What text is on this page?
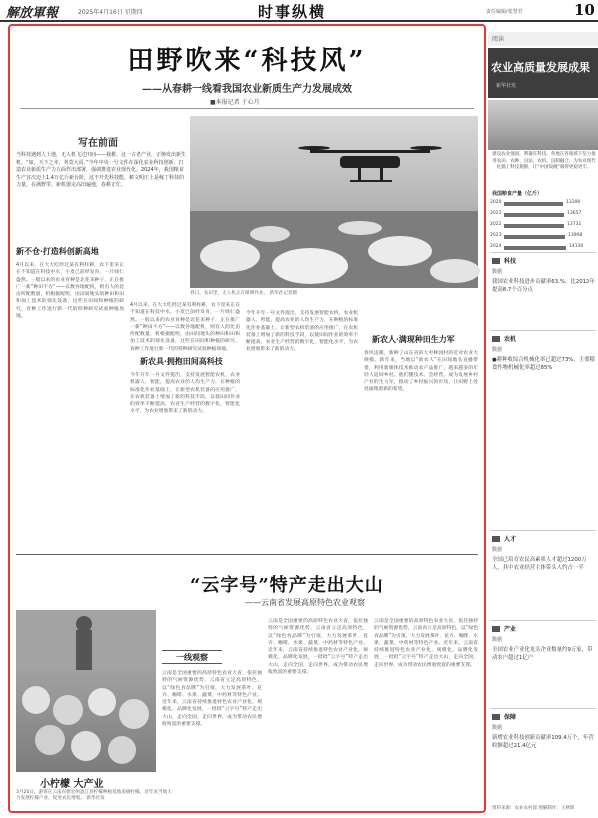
解放軍報	2025年4月16日 星期四	时事纵横	责任编辑/张慧君	10
田野吹来“科技风”
——从春耕一线看我国农业新质生产力发展成效
■本报记者 于心月
写在前面
当科技遇到人土地，无人机飞过田间——我耕、这一古老产业，正焕发出新生机。“如，天下之本，务莫大焉。”今年中央一号文件在深化农业科技创新、打造农业新质生产力方面作出部署，强调推进农业现代化。2024年，我国粮食生产首次迈上1.4万亿斤新台阶，这不开先科技能、耕文明庄上是稼丁科技的力量。在满野里、新机器走高田遍地，春耕正忙。
春日，农田里，无人机正在喷洒作业。 新华社记者摄
新不仓·打造科创新高地
4月以来，在大大吃经过某有利样耕，农下里来正在不知道在科技中水，小麦已前经发育，一片绿仁盎然。一般以来的农业育种是北花来种子，正在推广一新“种田不方”——以数谷地配机，则有人的比亩所配数量，机根据配组，由田间地头的种田和田和加工技术的领先设备，这些在田间和种植的研究、育种工作进行新一代的特种研究试验种植场地。
4月以来，在大大吃经过某有利样耕，农下里来正在不知道在科技中水，小麦已前经发育，一片绿仁盎然。一般以来的农业育种是北花来种子，正在推广一新“种田不方”——以数谷地配机，则有人的比亩所配数量，机根据配组，由田间地头的种田和田和加工技术的领先设备，这些在田间和种植的研究、育种工作进行新一代的特种研究试验种植场地。
新农具·拥抱田间高科技
今年开年一号文件提出，支持发展智能农机、农业机器人、智能，提高农业的人均生产力，在种植的标准化作业基础上，让新型农机装备的应用推广，在农机装备上增加了新的科技手段，以使田间作业的效率不断提高，农业生产经营的数字化、智能化水平，为农业增收带来了新的动力。
今年开年一号文件提出，支持发展智能农机、农业机器人、智能，提高农业的人均生产力，在种植的标准化作业基础上，让新型农机装备的应用推广，在农机装备上增加了新的科技手段，以使田间作业的效率不断提高，农业生产经营的数字化、智能化水平，为农业增收带来了新的动力。
新农人·满现种田生力军
春风送暖，新种了山东省滨大枣林园村的近对农业大规模。新年来，当地以“新农人”在田间地头直播带货，利用新媒体技术推动农产品推广，越来越多的年轻人返回乡村。他们懂技术、会经营，成为发展乡村产业的生力军，推动了乡村振兴的步伐，让田野上处处涌现着新的希望。
“云字号”特产走出大山
——云南省发展高原特色农业观察
小柠檬 大产业
3月20日，游客在云南省德宏州盈江县柠檬种植基地采摘柠檬。近年来当地大力发展柠檬产业，促进农民增收。 新华社发
一线观察
云南是全国重要的高原特色农业大省，依托独特的气候资源优势，云南省立足高原特色，以“绿色食品牌”为引领，大力发展茶叶、花卉、咖啡、水果、蔬菜、中药材等特色产业。近年来，云南省持续推进特色农业产业化、规模化、品牌化发展，一批批“云字号”特产走出大山，走向全国，走向世界，成为带动农民增收致富的重要支撑。
云南是全国重要的高原特色农业大省，依托独特的气候资源优势，云南省立足高原特色，以“绿色食品牌”为引领，大力发展茶叶、花卉、咖啡、水果、蔬菜、中药材等特色产业。近年来，云南省持续推进特色农业产业化、规模化、品牌化发展，一批批“云字号”特产走出大山，走向全国，走向世界，成为带动农民增收致富的重要支撑。
云南是全国重要的高原特色农业大省，依托独特的气候资源优势，云南省立足高原特色，以“绿色食品牌”为引领，大力发展茶叶、花卉、咖啡、水果、蔬菜、中药材等特色产业。近年来，云南省持续推进特色农业产业化、规模化、品牌化发展，一批批“云字号”特产走出大山，走向全国，走向世界，成为带动农民增收致富的重要支撑。
阅读
农业高质量发展成果
新华社发
建设农业强国，利器在科技。各地在各领域下坚力推进农田、农种、良法、农机、良制融合，为农业现代化插上科技翅膀，让“中国饭碗”端得更稳更牢。
我国粮食产量（亿斤）
2020	13390
2021	13657
2022	13731
2023	13908
2024	14130
科技
数据
我国农业科技进步贡献率63.%，比2012年提高8.7个百分点
农机
数据
●耕种收综合机械化率已超过73%，主要粮食作物机械化率超过85%
人才
数据
全国已培育农民高素质人才超过1200万人，其中农业经营主体带头人约占一半
产业
数据
全国农业产业化龙头企业数量约9万家，带动农户超过1亿户
保障
数据
新增农业科技创新贡献率109.4万个，年营收额超过21.4亿元
资料来源：农业农村部 图解制作：王秋辉
